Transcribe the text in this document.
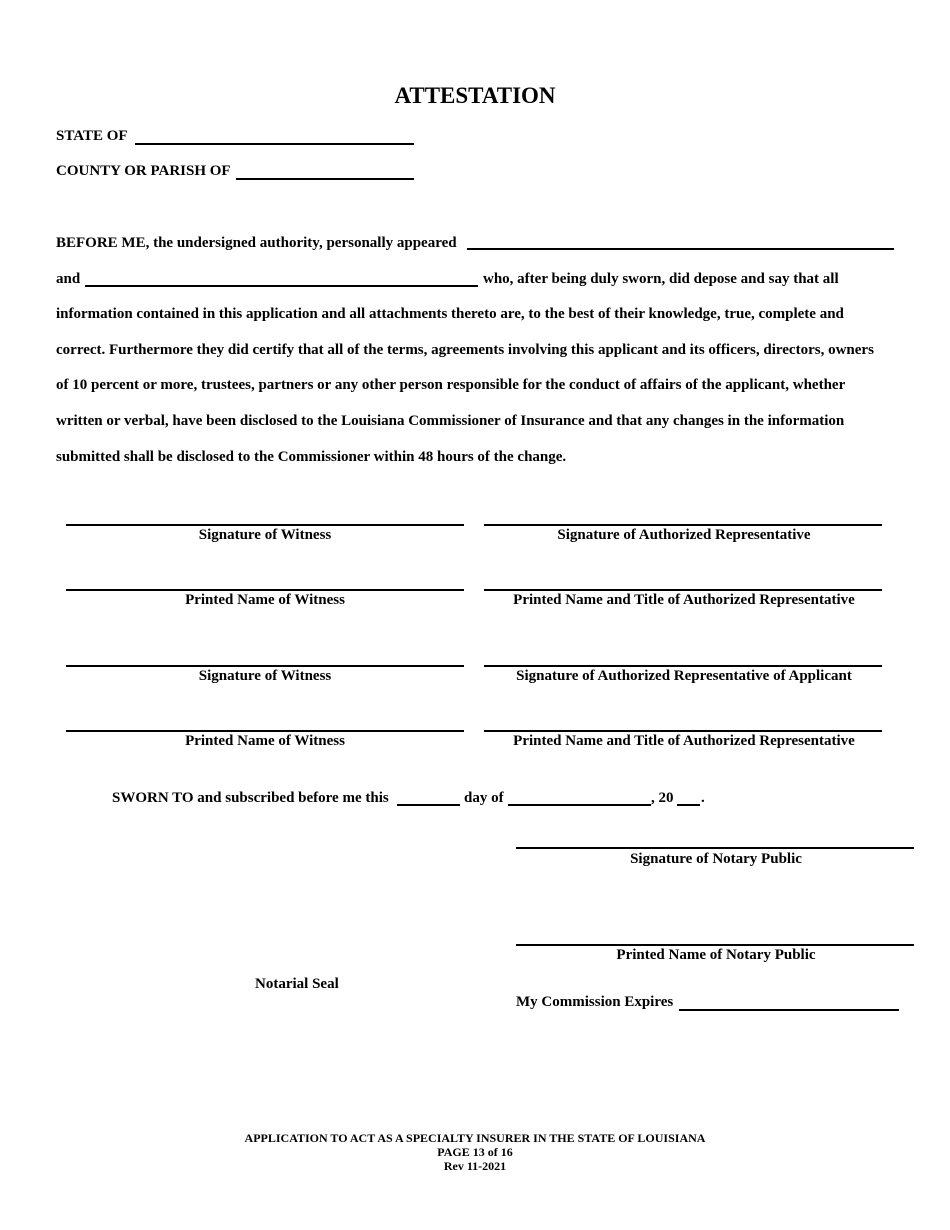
ATTESTATION
STATE OF
COUNTY OR PARISH OF
BEFORE ME, the undersigned authority, personally appeared
and	who, after being duly sworn, did depose and say that all
information contained in this application and all attachments thereto are, to the best of their knowledge, true, complete and
correct. Furthermore they did certify that all of the terms, agreements involving this applicant and its officers, directors, owners
of 10 percent or more, trustees, partners or any other person responsible for the conduct of affairs of the applicant, whether
written or verbal, have been disclosed to the Louisiana Commissioner of Insurance and that any changes in the information
submitted shall be disclosed to the Commissioner within 48 hours of the change.
Signature of Witness	Signature of Authorized Representative
Printed Name of Witness	Printed Name and Title of Authorized Representative
Signature of Witness	Signature of Authorized Representative of Applicant
Printed Name of Witness	Printed Name and Title of Authorized Representative
SWORN TO and subscribed before me this	day of	, 20 .
Signature of Notary Public
Printed Name of Notary Public
Notarial Seal
My Commission Expires
APPLICATION TO ACT AS A SPECIALTY INSURER IN THE STATE OF LOUISIANA
PAGE 13 of 16
Rev 11-2021
